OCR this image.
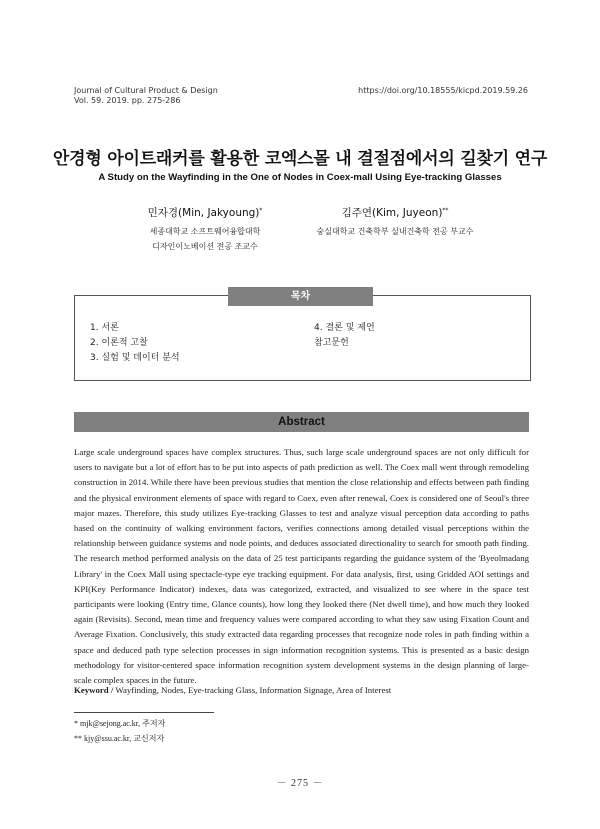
Journal of Cultural Product & Design
Vol. 59. 2019. pp. 275-286
https://doi.org/10.18555/kicpd.2019.59.26
안경형 아이트래커를 활용한 코엑스몰 내 결절점에서의 길찾기 연구
A Study on the Wayfinding in the One of Nodes in Coex-mall Using Eye-tracking Glasses
민자경(Min, Jakyoung)*
세종대학교 소프트웨어융합대학
디자인이노베이션 전공 조교수
김주연(Kim, Juyeon)**
숭실대학교 건축학부 실내건축학 전공 부교수
목차
1. 서론
2. 이론적 고찰
3. 실험 및 데이터 분석
4. 결론 및 제언
참고문헌
Abstract
Large scale underground spaces have complex structures. Thus, such large scale underground spaces are not only difficult for users to navigate but a lot of effort has to be put into aspects of path prediction as well. The Coex mall went through remodeling construction in 2014. While there have been previous studies that mention the close relationship and effects between path finding and the physical environment elements of space with regard to Coex, even after renewal, Coex is considered one of Seoul's three major mazes. Therefore, this study utilizes Eye-tracking Glasses to test and analyze visual perception data according to paths based on the continuity of walking environment factors, verifies connections among detailed visual perceptions within the relationship between guidance systems and node points, and deduces associated directionality to search for smooth path finding. The research method performed analysis on the data of 25 test participants regarding the guidance system of the 'Byeolmadang Library' in the Coex Mall using spectacle-type eye tracking equipment. For data analysis, first, using Gridded AOI settings and KPI(Key Performance Indicator) indexes, data was categorized, extracted, and visualized to see where in the space test participants were looking (Entry time, Glance counts), how long they looked there (Net dwell time), and how much they looked again (Revisits). Second, mean time and frequency values were compared according to what they saw using Fixation Count and Average Fixation. Conclusively, this study extracted data regarding processes that recognize node roles in path finding within a space and deduced path type selection processes in sign information recognition systems. This is presented as a basic design methodology for visitor-centered space information recognition system development systems in the design planning of large-scale complex spaces in the future.
Keyword / Wayfinding, Nodes, Eye-tracking Glass, Information Signage, Area of Interest
* mjk@sejong.ac.kr, 주저자
** kjy@ssu.ac.kr, 교신저자
－ 275 －
